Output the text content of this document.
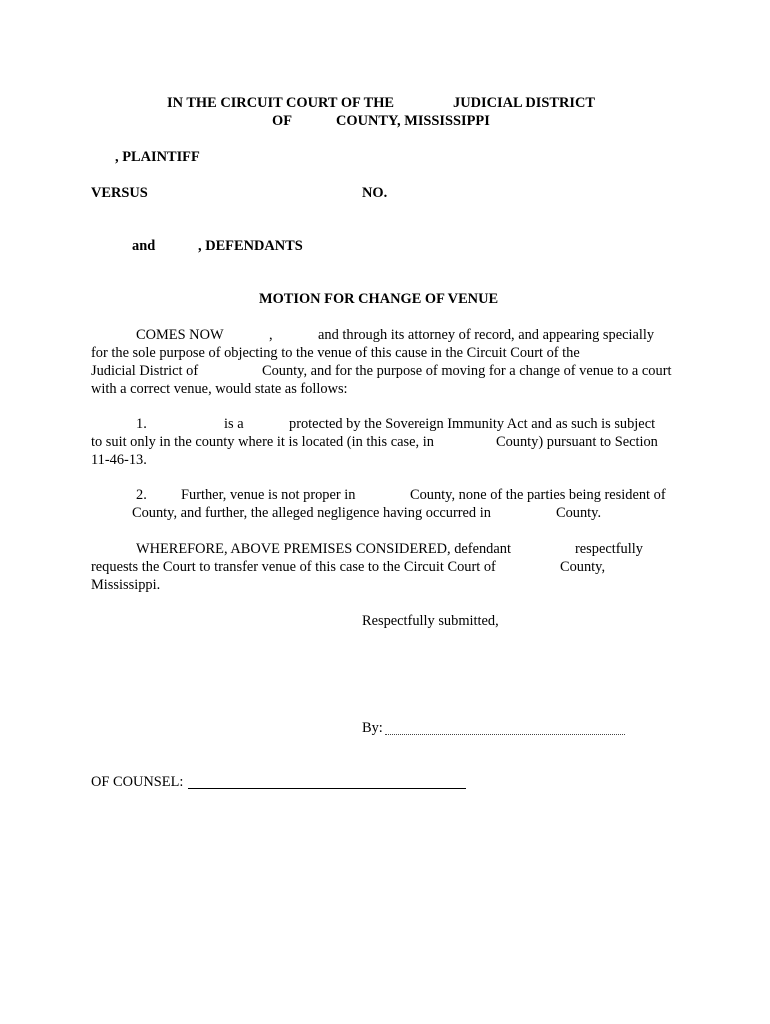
IN THE CIRCUIT COURT OF THE	JUDICIAL DISTRICT
OF	COUNTY, MISSISSIPPI
, PLAINTIFF
VERSUS	NO.
and	, DEFENDANTS
MOTION FOR CHANGE OF VENUE
COMES NOW	,	and through its attorney of record, and appearing specially
for the sole purpose of objecting to the venue of this cause in the Circuit Court of the
Judicial District of	County, and for the purpose of moving for a change of venue to a court
with a correct venue, would state as follows:
1.	is a	protected by the Sovereign Immunity Act and as such is subject
to suit only in the county where it is located (in this case, in	County) pursuant to Section
11-46-13.
2. Further, venue is not proper in	County, none of the parties being resident of
County, and further, the alleged negligence having occurred in	County.
WHEREFORE, ABOVE PREMISES CONSIDERED, defendant	respectfully
requests the Court to transfer venue of this case to the Circuit Court of	County,
Mississippi.
Respectfully submitted,
By:
OF COUNSEL:
